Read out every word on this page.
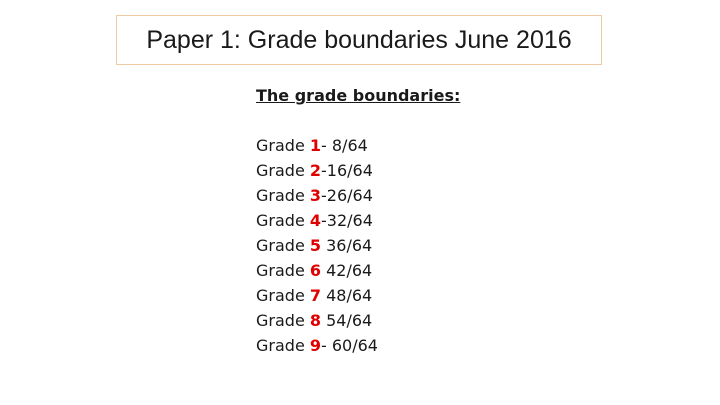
Paper 1: Grade boundaries June 2016
The grade boundaries:
Grade 1- 8/64
Grade 2-16/64
Grade 3-26/64
Grade 4-32/64
Grade 5 36/64
Grade 6 42/64
Grade 7 48/64
Grade 8 54/64
Grade 9- 60/64
